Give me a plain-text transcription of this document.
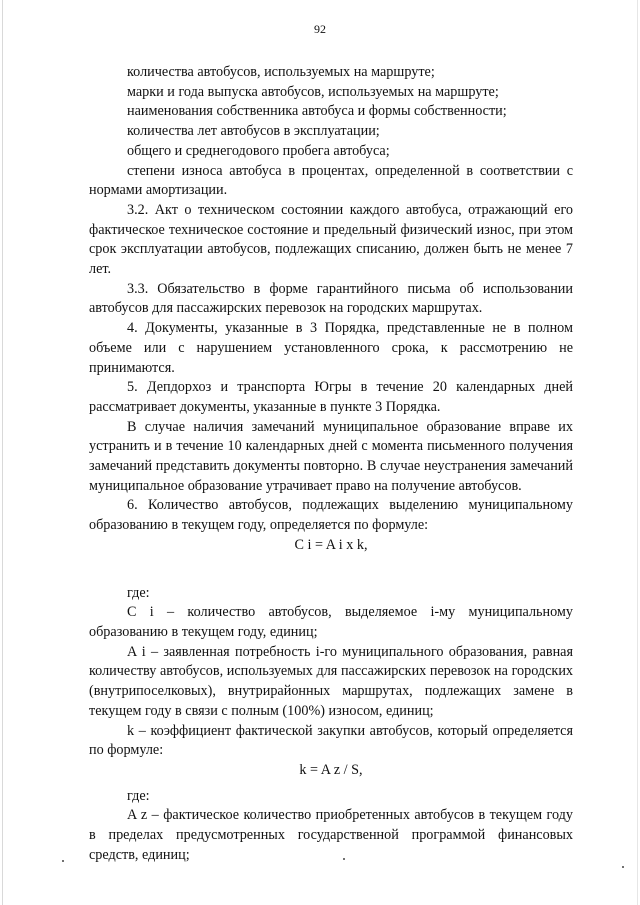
92

количества автобусов, используемых на маршруте;

марки и года выпуска автобусов, используемых на маршруте;

наименования собственника автобуса и формы собственности;

количества лет автобусов в эксплуатации;

общего и среднегодового пробега автобуса;

степени износа автобуса в процентах, определенной в соответствии с нормами амортизации.

3.2. Акт о техническом состоянии каждого автобуса, отражающий его фактическое техническое состояние и предельный физический износ, при этом срок эксплуатации автобусов, подлежащих списанию, должен быть не менее 7 лет.

3.3. Обязательство в форме гарантийного письма об использовании автобусов для пассажирских перевозок на городских маршрутах.

4. Документы, указанные в 3 Порядка, представленные не в полном объеме или с нарушением установленного срока, к рассмотрению не принимаются.

5. Депдорхоз и транспорта Югры в течение 20 календарных дней рассматривает документы, указанные в пункте 3 Порядка.

В случае наличия замечаний муниципальное образование вправе их устранить и в течение 10 календарных дней с момента письменного получения замечаний представить документы повторно. В случае неустранения замечаний муниципальное образование утрачивает право на получение автобусов.

6. Количество автобусов, подлежащих выделению муниципальному образованию в текущем году, определяется по формуле:

C i = A i x k,

где:

C i – количество автобусов, выделяемое i-му муниципальному образованию в текущем году, единиц;

A i – заявленная потребность i-го муниципального образования, равная количеству автобусов, используемых для пассажирских перевозок на городских (внутрипоселковых), внутрирайонных маршрутах, подлежащих замене в текущем году в связи с полным (100%) износом, единиц;

k – коэффициент фактической закупки автобусов, который определяется по формуле:

k = A z / S,

где:

A z – фактическое количество приобретенных автобусов в текущем году в пределах предусмотренных государственной программой финансовых средств, единиц;
